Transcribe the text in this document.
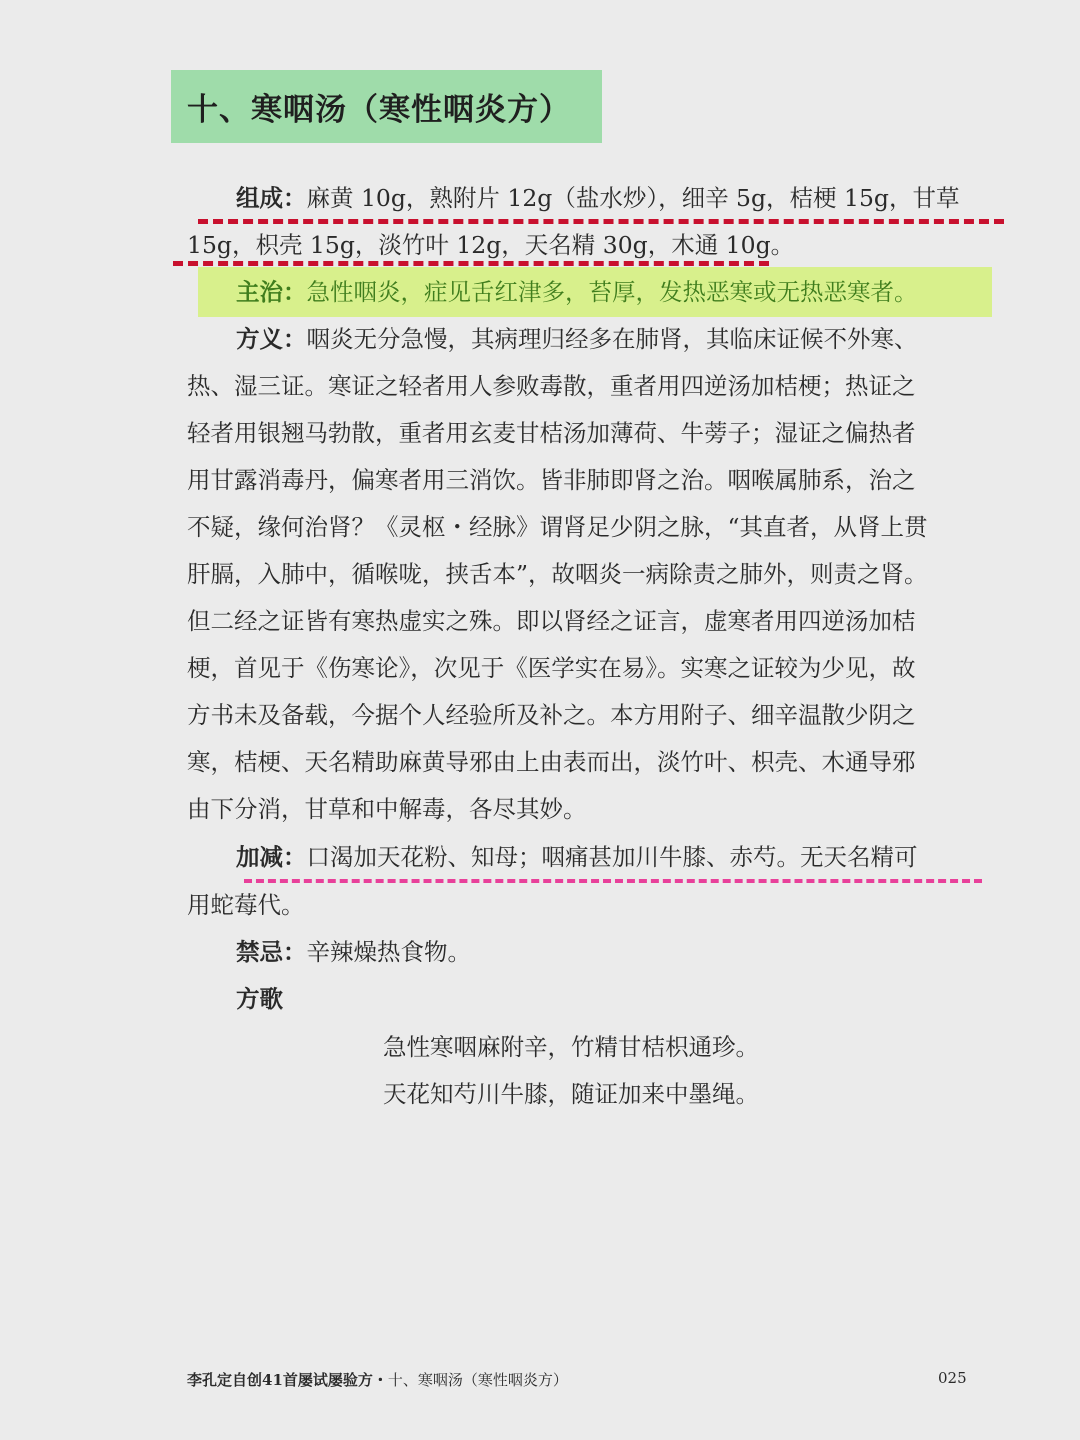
十、寒咽汤（寒性咽炎方）
组成：麻黄 10g，熟附片 12g（盐水炒），细辛 5g，桔梗 15g，甘草
15g，枳壳 15g，淡竹叶 12g，天名精 30g，木通 10g。
主治：急性咽炎，症见舌红津多，苔厚，发热恶寒或无热恶寒者。
方义：咽炎无分急慢，其病理归经多在肺肾，其临床证候不外寒、
热、湿三证。寒证之轻者用人参败毒散，重者用四逆汤加桔梗；热证之
轻者用银翘马勃散，重者用玄麦甘桔汤加薄荷、牛蒡子；湿证之偏热者
用甘露消毒丹，偏寒者用三消饮。皆非肺即肾之治。咽喉属肺系，治之
不疑，缘何治肾？《灵枢・经脉》谓肾足少阴之脉，“其直者，从肾上贯
肝膈，入肺中，循喉咙，挟舌本”，故咽炎一病除责之肺外，则责之肾。
但二经之证皆有寒热虚实之殊。即以肾经之证言，虚寒者用四逆汤加桔
梗，首见于《伤寒论》，次见于《医学实在易》。实寒之证较为少见，故
方书未及备载，今据个人经验所及补之。本方用附子、细辛温散少阴之
寒，桔梗、天名精助麻黄导邪由上由表而出，淡竹叶、枳壳、木通导邪
由下分消，甘草和中解毒，各尽其妙。
加减：口渴加天花粉、知母；咽痛甚加川牛膝、赤芍。无天名精可
用蛇莓代。
禁忌：辛辣燥热食物。
方歌
急性寒咽麻附辛，竹精甘桔枳通珍。
天花知芍川牛膝，随证加来中墨绳。
李孔定自创41首屡试屡验方・十、寒咽汤（寒性咽炎方）	025
